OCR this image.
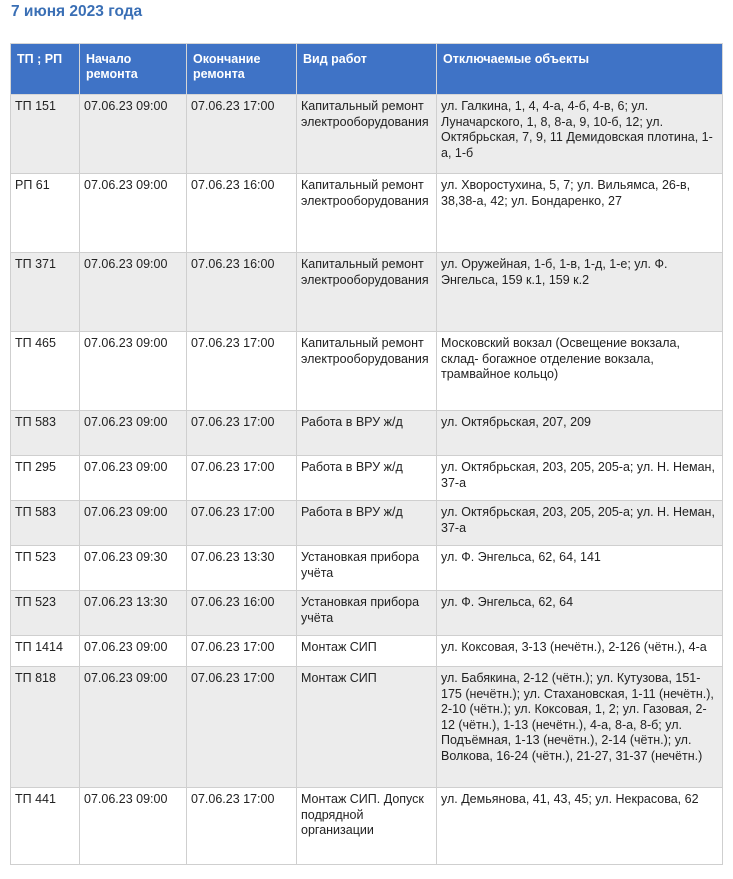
7 июня 2023 года
ТП ; РП	Начало ремонта	Окончание ремонта	Вид работ	Отключаемые объекты
ТП 151	07.06.23 09:00	07.06.23 17:00	Капитальный ремонт электрооборудования	ул. Галкина, 1, 4, 4-а, 4-б, 4-в, 6; ул. Луначарского, 1, 8, 8-а, 9, 10-б, 12; ул. Октябрьская, 7, 9, 11 Демидовская плотина, 1-а, 1-б
РП 61	07.06.23 09:00	07.06.23 16:00	Капитальный ремонт электрооборудования	ул. Хворостухина, 5, 7; ул. Вильямса, 26-в, 38,38-а, 42; ул. Бондаренко, 27
ТП 371	07.06.23 09:00	07.06.23 16:00	Капитальный ремонт электрооборудования	ул. Оружейная, 1-б, 1-в, 1-д, 1-е; ул. Ф. Энгельса, 159 к.1, 159 к.2
ТП 465	07.06.23 09:00	07.06.23 17:00	Капитальный ремонт электрооборудования	Московский вокзал (Освещение вокзала, склад- богажное отделение вокзала, трамвайное кольцо)
ТП 583	07.06.23 09:00	07.06.23 17:00	Работа в ВРУ ж/д	ул. Октябрьская, 207, 209
ТП 295	07.06.23 09:00	07.06.23 17:00	Работа в ВРУ ж/д	ул. Октябрьская, 203, 205, 205-а; ул. Н. Неман, 37-а
ТП 583	07.06.23 09:00	07.06.23 17:00	Работа в ВРУ ж/д	ул. Октябрьская, 203, 205, 205-а; ул. Н. Неман, 37-а
ТП 523	07.06.23 09:30	07.06.23 13:30	Установкая прибора учёта	ул. Ф. Энгельса, 62, 64, 141
ТП 523	07.06.23 13:30	07.06.23 16:00	Установкая прибора учёта	ул. Ф. Энгельса, 62, 64
ТП 1414	07.06.23 09:00	07.06.23 17:00	Монтаж СИП	ул. Коксовая, 3-13 (нечётн.), 2-126 (чётн.), 4-а
ТП 818	07.06.23 09:00	07.06.23 17:00	Монтаж СИП	ул. Бабякина, 2-12 (чётн.); ул. Кутузова, 151-175 (нечётн.); ул. Стахановская, 1-11 (нечётн.), 2-10 (чётн.); ул. Коксовая, 1, 2; ул. Газовая, 2-12 (чётн.), 1-13 (нечётн.), 4-а, 8-а, 8-б; ул. Подъёмная, 1-13 (нечётн.), 2-14 (чётн.); ул. Волкова, 16-24 (чётн.), 21-27, 31-37 (нечётн.)
ТП 441	07.06.23 09:00	07.06.23 17:00	Монтаж СИП. Допуск подрядной организации	ул. Демьянова, 41, 43, 45; ул. Некрасова, 62
